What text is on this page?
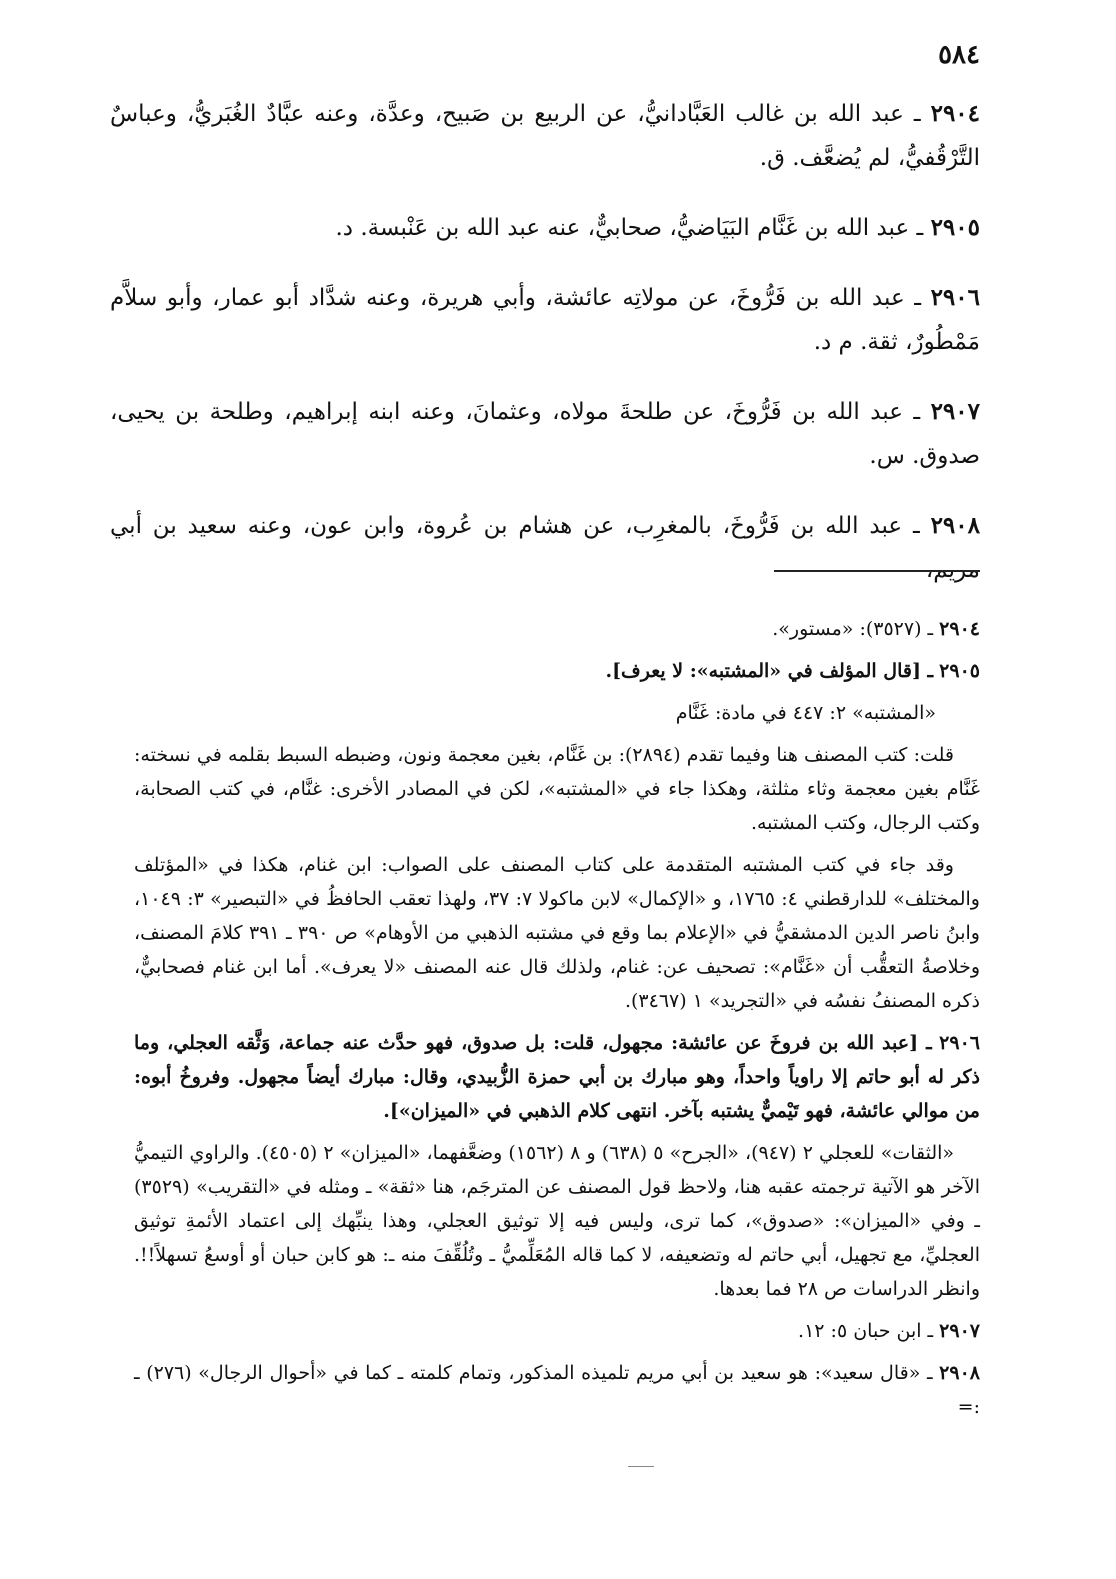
٥٨٤

٢٩٠٤ ـ عبد الله بن غالب العَبَّادانيُّ، عن الربيع بن صَبيح، وعدَّة، وعنه عبَّادٌ الغُبَريُّ، وعباسٌ التَّرْقُفيُّ، لم يُضعَّف. ق.

٢٩٠٥ ـ عبد الله بن غَنَّام البَيَاضيُّ، صحابيٌّ، عنه عبد الله بن عَنْبسة. د.

٢٩٠٦ ـ عبد الله بن فَرُّوخَ، عن مولاتِه عائشة، وأبي هريرة، وعنه شدَّاد أبو عمار، وأبو سلاَّم مَمْطُورٌ، ثقة. م د.

٢٩٠٧ ـ عبد الله بن فَرُّوخَ، عن طلحةَ مولاه، وعثمانَ، وعنه ابنه إبراهيم، وطلحة بن يحيى، صدوق. س.

٢٩٠٨ ـ عبد الله بن فَرُّوخَ، بالمغرِب، عن هشام بن عُروة، وابن عون، وعنه سعيد بن أبي مريم،

٢٩٠٤ ـ (٣٥٢٧): «مستور».

٢٩٠٥ ـ [قال المؤلف في «المشتبه»: لا يعرف].

«المشتبه» ٢: ٤٤٧ في مادة: غَنَّام

قلت: كتب المصنف هنا وفيما تقدم (٢٨٩٤): بن غَنَّام، بغين معجمة ونون، وضبطه السبط بقلمه في نسخته: غَنَّام بغين معجمة وثاء مثلثة، وهكذا جاء في «المشتبه»، لكن في المصادر الأخرى: غنَّام، في كتب الصحابة، وكتب الرجال، وكتب المشتبه.

وقد جاء في كتب المشتبه المتقدمة على كتاب المصنف على الصواب: ابن غنام، هكذا في «المؤتلف والمختلف» للدارقطني ٤: ١٧٦٥، و «الإكمال» لابن ماكولا ٧: ٣٧، ولهذا تعقب الحافظُ في «التبصير» ٣: ١٠٤٩، وابنُ ناصر الدين الدمشقيُّ في «الإعلام بما وقع في مشتبه الذهبي من الأوهام» ص ٣٩٠ ـ ٣٩١ كلامَ المصنف، وخلاصةُ التعقُّب أن «غَنَّام»: تصحيف عن: غنام، ولذلك قال عنه المصنف «لا يعرف». أما ابن غنام فصحابيٌّ، ذكره المصنفُ نفسُه في «التجريد» ١ (٣٤٦٧).

٢٩٠٦ ـ [عبد الله بن فروخَ عن عائشة: مجهول، قلت: بل صدوق، فهو حدَّث عنه جماعة، وَثَّقه العجلي، وما ذكر له أبو حاتم إلا راوياً واحداً، وهو مبارك بن أبي حمزة الزُّبيدي، وقال: مبارك أيضاً مجهول. وفروخُ أبوه: من موالي عائشة، فهو تَيْميٌّ يشتبه بآخر. انتهى كلام الذهبي في «الميزان»].

«الثقات» للعجلي ٢ (٩٤٧)، «الجرح» ٥ (٦٣٨) و ٨ (١٥٦٢) وضعَّفهما، «الميزان» ٢ (٤٥٠٥). والراوي التيميُّ الآخر هو الآتية ترجمته عقبه هنا، ولاحظ قول المصنف عن المترجَم، هنا «ثقة» ـ ومثله في «التقريب» (٣٥٢٩) ـ وفي «الميزان»: «صدوق»، كما ترى، وليس فيه إلا توثيق العجلي، وهذا ينبِّهك إلى اعتماد الأئمةِ توثيق العجليِّ، مع تجهيل، أبي حاتم له وتضعيفه، لا كما قاله المُعَلِّميُّ ـ وتُلُقِّفَ منه ـ: هو كابن حبان أو أوسعُ تسهلاً!!. وانظر الدراسات ص ٢٨ فما بعدها.

٢٩٠٧ ـ ابن حبان ٥: ١٢.

٢٩٠٨ ـ «قال سعيد»: هو سعيد بن أبي مريم تلميذه المذكور، وتمام كلمته ـ كما في «أحوال الرجال» (٢٧٦) ـ :=
